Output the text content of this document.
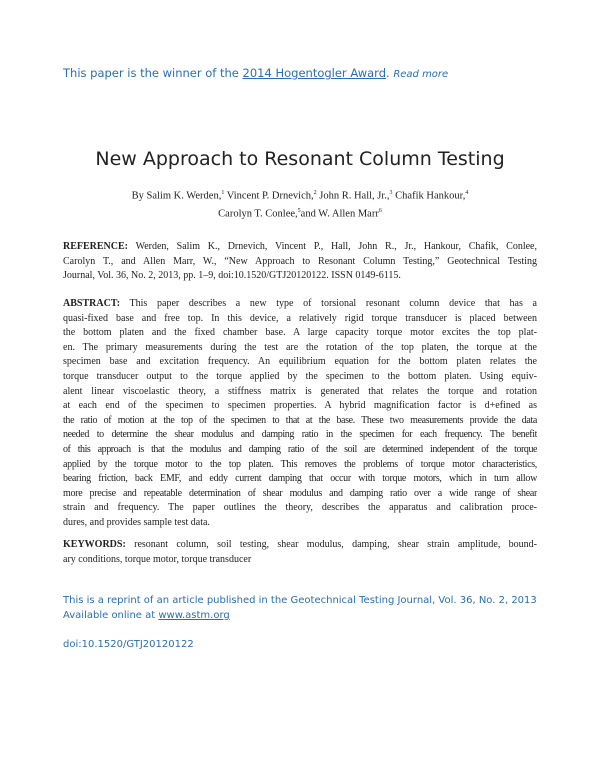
This paper is the winner of the 2014 Hogentogler Award. Read more
New Approach to Resonant Column Testing
By Salim K. Werden,$^1$ Vincent P. Drnevich,$^2$ John R. Hall, Jr.,$^3$ Chafik Hankour,$^4$
Carolyn T. Conlee,$^5$and W. Allen Marr$^6$
REFERENCE: Werden, Salim K., Drnevich, Vincent P., Hall, John R., Jr., Hankour, Chafik, Conlee,
Carolyn T., and Allen Marr, W., “New Approach to Resonant Column Testing,” Geotechnical Testing
Journal, Vol. 36, No. 2, 2013, pp. 1–9, doi:10.1520/GTJ20120122. ISSN 0149-6115.
ABSTRACT: This paper describes a new type of torsional resonant column device that has a
quasi-fixed base and free top. In this device, a relatively rigid torque transducer is placed between
the bottom platen and the fixed chamber base. A large capacity torque motor excites the top plat-
en. The primary measurements during the test are the rotation of the top platen, the torque at the
specimen base and excitation frequency. An equilibrium equation for the bottom platen relates the
torque transducer output to the torque applied by the specimen to the bottom platen. Using equiv-
alent linear viscoelastic theory, a stiffness matrix is generated that relates the torque and rotation
at each end of the specimen to specimen properties. A hybrid magnification factor is d+efined as
the ratio of motion at the top of the specimen to that at the base. These two measurements provide the data
needed to determine the shear modulus and damping ratio in the specimen for each frequency. The benefit
of this approach is that the modulus and damping ratio of the soil are determined independent of the torque
applied by the torque motor to the top platen. This removes the problems of torque motor characteristics,
bearing friction, back EMF, and eddy current damping that occur with torque motors, which in turn allow
more precise and repeatable determination of shear modulus and damping ratio over a wide range of shear
strain and frequency. The paper outlines the theory, describes the apparatus and calibration proce-
dures, and provides sample test data.
KEYWORDS: resonant column, soil testing, shear modulus, damping, shear strain amplitude, bound-
ary conditions, torque motor, torque transducer
This is a reprint of an article published in the Geotechnical Testing Journal, Vol. 36, No. 2, 2013
Available online at www.astm.org
doi:10.1520/GTJ20120122
